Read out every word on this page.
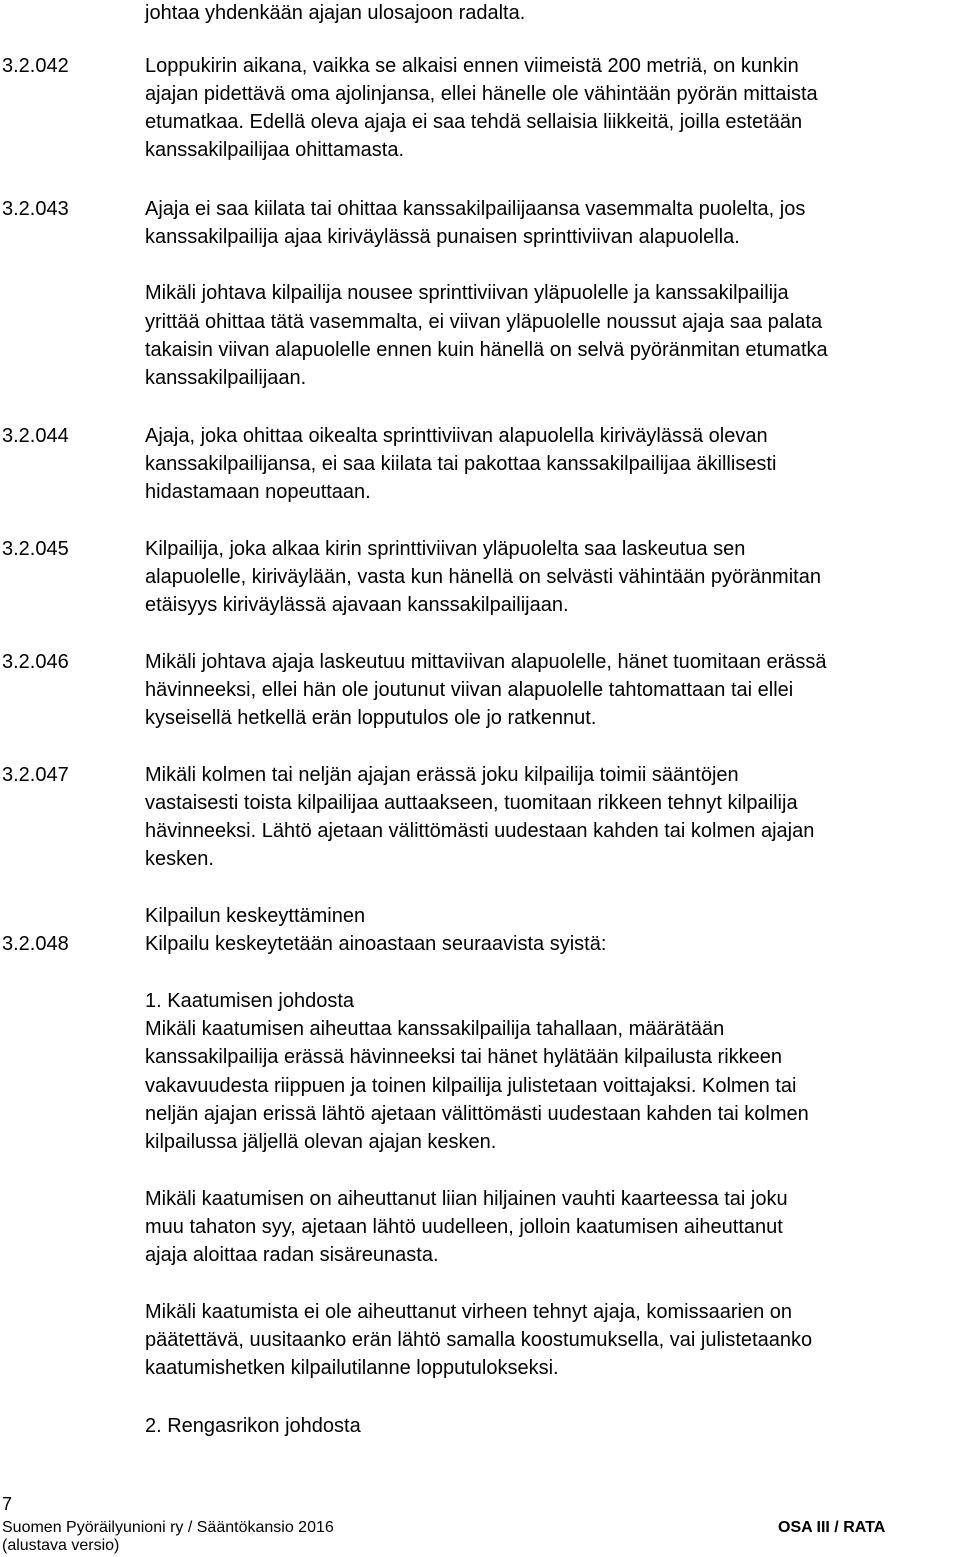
johtaa yhdenkään ajajan ulosajoon radalta.
3.2.042	Loppukirin aikana, vaikka se alkaisi ennen viimeistä 200 metriä, on kunkin
ajajan pidettävä oma ajolinjansa, ellei hänelle ole vähintään pyörän mittaista
etumatkaa. Edellä oleva ajaja ei saa tehdä sellaisia liikkeitä, joilla estetään
kanssakilpailijaa ohittamasta.
3.2.043	Ajaja ei saa kiilata tai ohittaa kanssakilpailijaansa vasemmalta puolelta, jos
kanssakilpailija ajaa kiriväylässä punaisen sprinttiviivan alapuolella.
Mikäli johtava kilpailija nousee sprinttiviivan yläpuolelle ja kanssakilpailija
yrittää ohittaa tätä vasemmalta, ei viivan yläpuolelle noussut ajaja saa palata
takaisin viivan alapuolelle ennen kuin hänellä on selvä pyöränmitan etumatka
kanssakilpailijaan.
3.2.044	Ajaja, joka ohittaa oikealta sprinttiviivan alapuolella kiriväylässä olevan
kanssakilpailijansa, ei saa kiilata tai pakottaa kanssakilpailijaa äkillisesti
hidastamaan nopeuttaan.
3.2.045	Kilpailija, joka alkaa kirin sprinttiviivan yläpuolelta saa laskeutua sen
alapuolelle, kiriväylään, vasta kun hänellä on selvästi vähintään pyöränmitan
etäisyys kiriväylässä ajavaan kanssakilpailijaan.
3.2.046	Mikäli johtava ajaja laskeutuu mittaviivan alapuolelle, hänet tuomitaan erässä
hävinneeksi, ellei hän ole joutunut viivan alapuolelle tahtomattaan tai ellei
kyseisellä hetkellä erän lopputulos ole jo ratkennut.
3.2.047	Mikäli kolmen tai neljän ajajan erässä joku kilpailija toimii sääntöjen
vastaisesti toista kilpailijaa auttaakseen, tuomitaan rikkeen tehnyt kilpailija
hävinneeksi. Lähtö ajetaan välittömästi uudestaan kahden tai kolmen ajajan
kesken.
Kilpailun keskeyttäminen
3.2.048	Kilpailu keskeytetään ainoastaan seuraavista syistä:
1. Kaatumisen johdosta
Mikäli kaatumisen aiheuttaa kanssakilpailija tahallaan, määrätään
kanssakilpailija erässä hävinneeksi tai hänet hylätään kilpailusta rikkeen
vakavuudesta riippuen ja toinen kilpailija julistetaan voittajaksi. Kolmen tai
neljän ajajan erissä lähtö ajetaan välittömästi uudestaan kahden tai kolmen
kilpailussa jäljellä olevan ajajan kesken.
Mikäli kaatumisen on aiheuttanut liian hiljainen vauhti kaarteessa tai joku
muu tahaton syy, ajetaan lähtö uudelleen, jolloin kaatumisen aiheuttanut
ajaja aloittaa radan sisäreunasta.
Mikäli kaatumista ei ole aiheuttanut virheen tehnyt ajaja, komissaarien on
päätettävä, uusitaanko erän lähtö samalla koostumuksella, vai julistetaanko
kaatumishetken kilpailutilanne lopputulokseksi.
2. Rengasrikon johdosta
7
Suomen Pyöräilyunioni ry / Sääntökansio 2016
(alustava versio)
OSA III / RATA
